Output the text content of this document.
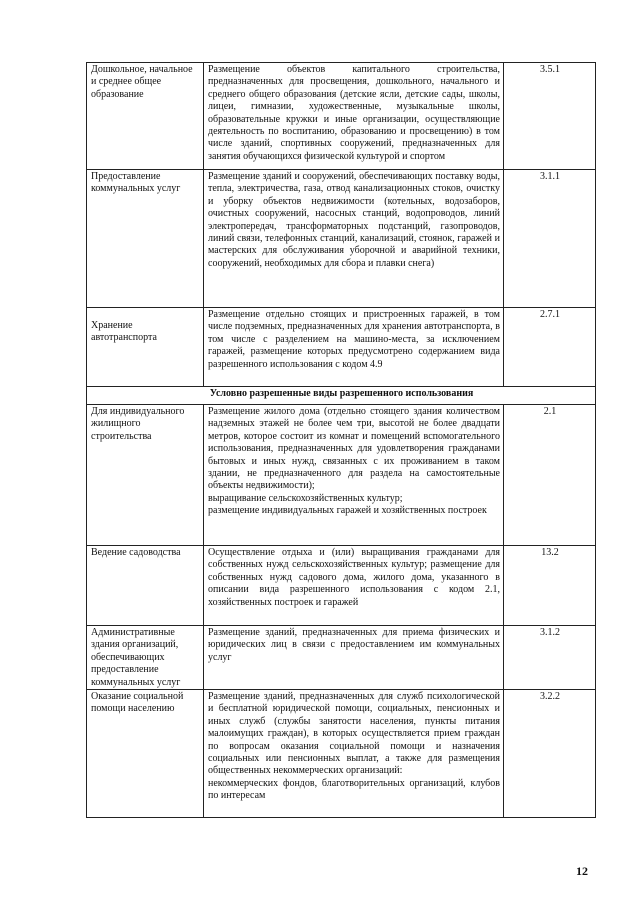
Дошкольное, начальное и среднее общее образование	Размещение объектов капитального строительства, предназначенных для просвещения, дошкольного, начального и среднего общего образования (детские ясли, детские сады, школы, лицеи, гимназии, художественные, музыкальные школы, образовательные кружки и иные организации, осуществляющие деятельность по воспитанию, образованию и просвещению) в том числе зданий, спортивных сооружений, предназначенных для занятия обучающихся физической культурой и спортом	3.5.1
Предоставление коммунальных услуг	Размещение зданий и сооружений, обеспечивающих поставку воды, тепла, электричества, газа, отвод канализационных стоков, очистку и уборку объектов недвижимости (котельных, водозаборов, очистных сооружений, насосных станций, водопроводов, линий электропередач, трансформаторных подстанций, газопроводов, линий связи, телефонных станций, канализаций, стоянок, гаражей и мастерских для обслуживания уборочной и аварийной техники, сооружений, необходимых для сбора и плавки снега)	3.1.1

Хранение автотранспорта	Размещение отдельно стоящих и пристроенных гаражей, в том числе подземных, предназначенных для хранения автотранспорта, в том числе с разделением на машино-места, за исключением гаражей, размещение которых предусмотрено содержанием вида разрешенного использования с кодом 4.9	2.7.1
Условно разрешенные виды разрешенного использования		
Для индивидуального жилищного строительства	Размещение жилого дома (отдельно стоящего здания количеством надземных этажей не более чем три, высотой не более двадцати метров, которое состоит из комнат и помещений вспомогательного использования, предназначенных для удовлетворения гражданами бытовых и иных нужд, связанных с их проживанием в таком здании, не предназначенного для раздела на самостоятельные объекты недвижимости);
выращивание сельскохозяйственных культур;
размещение индивидуальных гаражей и хозяйственных построек	2.1
Ведение садоводства	Осуществление отдыха и (или) выращивания гражданами для собственных нужд сельскохозяйственных культур; размещение для собственных нужд садового дома, жилого дома, указанного в описании вида разрешенного использования с кодом 2.1, хозяйственных построек и гаражей	13.2
Административные здания организаций, обеспечивающих предоставление коммунальных услуг	Размещение зданий, предназначенных для приема физических и юридических лиц в связи с предоставлением им коммунальных услуг	3.1.2
Оказание социальной помощи населению	Размещение зданий, предназначенных для служб психологической и бесплатной юридической помощи, социальных, пенсионных и иных служб (службы занятости населения, пункты питания малоимущих граждан), в которых осуществляется прием граждан по вопросам оказания социальной помощи и назначения социальных или пенсионных выплат, а также для размещения общественных некоммерческих организаций:
некоммерческих фондов, благотворительных организаций, клубов по интересам	3.2.2
12
